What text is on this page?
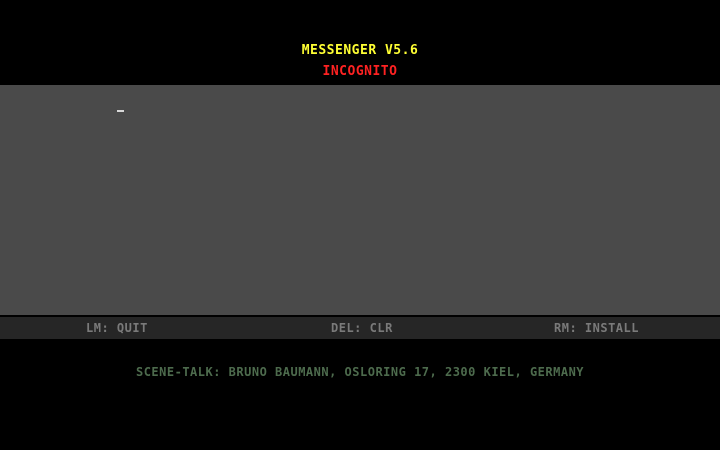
MESSENGER V5.6
INCOGNITO
LM: QUIT	DEL: CLR	RM: INSTALL
SCENE-TALK: BRUNO BAUMANN, OSLORING 17, 2300 KIEL, GERMANY
